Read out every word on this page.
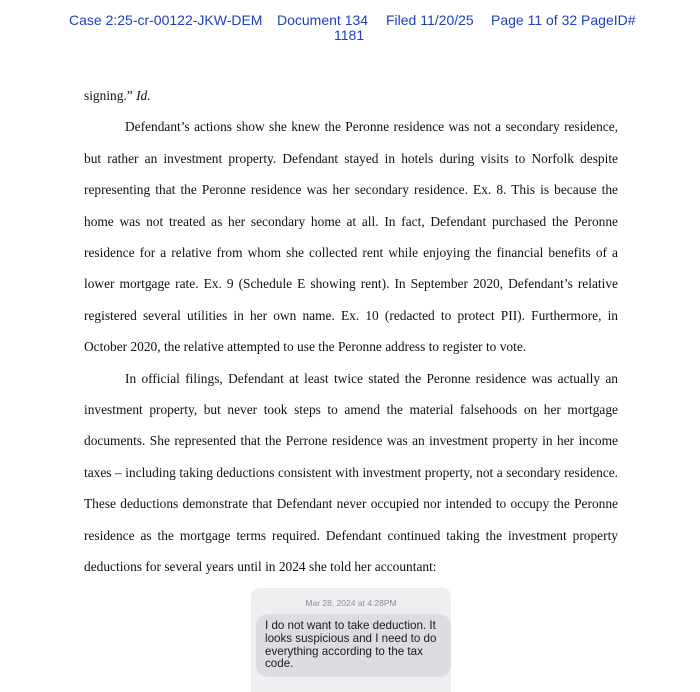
Case 2:25-cr-00122-JKW-DEM Document 134 Filed 11/20/25 Page 11 of 32 PageID#
1181

signing.” Id.

Defendant’s actions show she knew the Peronne residence was not a secondary residence, but rather an investment property. Defendant stayed in hotels during visits to Norfolk despite representing that the Peronne residence was her secondary residence. Ex. 8. This is because the home was not treated as her secondary home at all. In fact, Defendant purchased the Peronne residence for a relative from whom she collected rent while enjoying the financial benefits of a lower mortgage rate. Ex. 9 (Schedule E showing rent). In September 2020, Defendant’s relative registered several utilities in her own name. Ex. 10 (redacted to protect PII). Furthermore, in October 2020, the relative attempted to use the Peronne address to register to vote.

In official filings, Defendant at least twice stated the Peronne residence was actually an investment property, but never took steps to amend the material falsehoods on her mortgage documents. She represented that the Perrone residence was an investment property in her income taxes – including taking deductions consistent with investment property, not a secondary residence. These deductions demonstrate that Defendant never occupied nor intended to occupy the Peronne residence as the mortgage terms required. Defendant continued taking the investment property deductions for several years until in 2024 she told her accountant:

Mar 28, 2024 at 4:28PM
I do not want to take deduction. It looks suspicious and I need to do everything according to the tax code.
